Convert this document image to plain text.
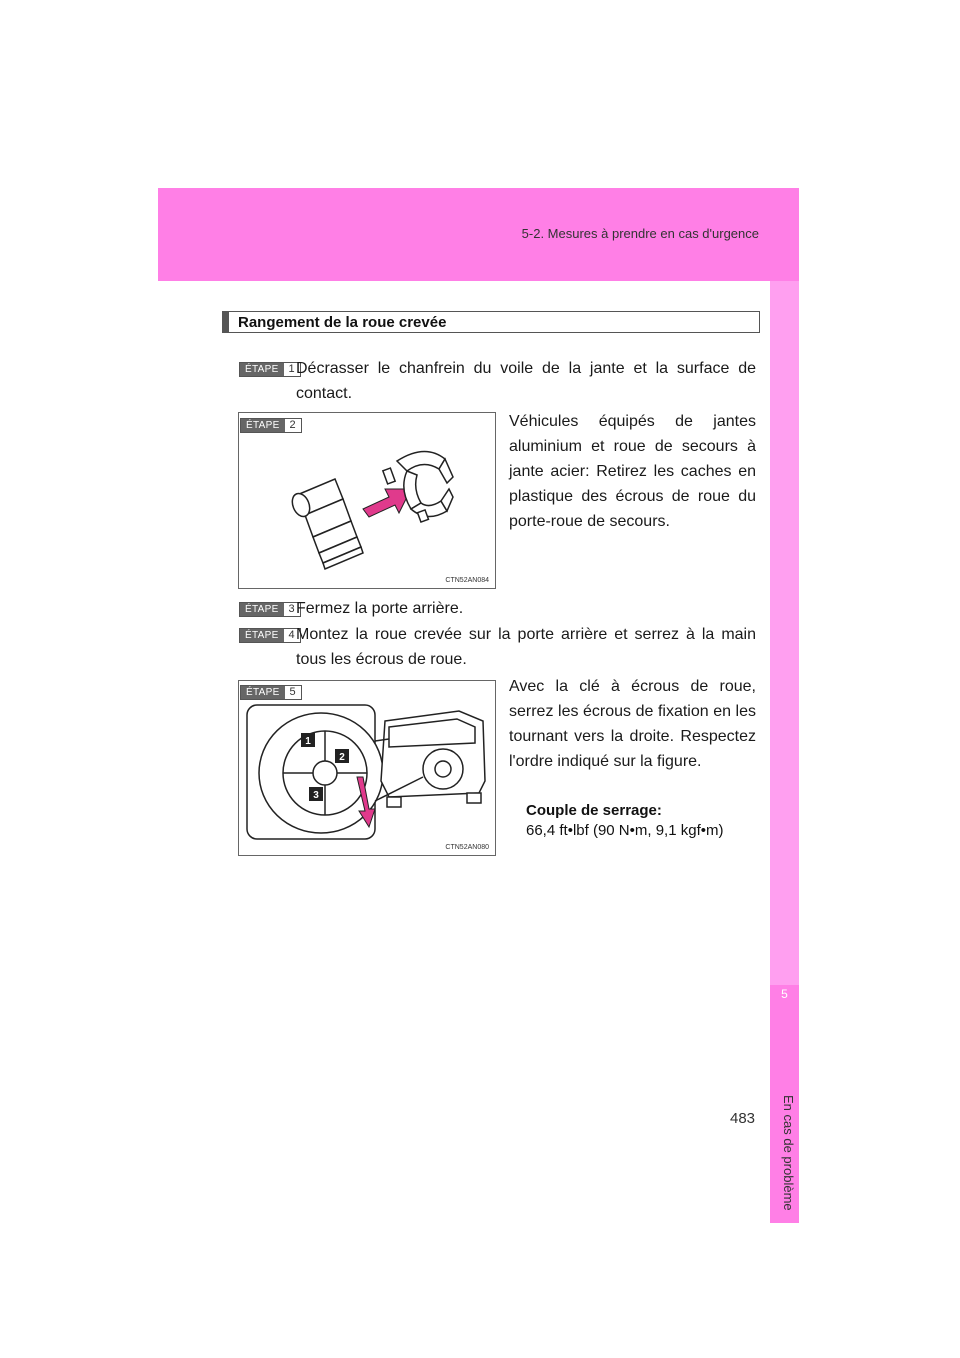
5-2. Mesures à prendre en cas d'urgence
5
En cas de problème
Rangement de la roue crevée
ÉTAPE 1 Décrasser le chanfrein du voile de la jante et la surface de contact.
ÉTAPE 2
CTN52AN084
Véhicules équipés de jantes aluminium et roue de secours à jante acier: Retirez les caches en plastique des écrous de roue du porte-roue de secours.
ÉTAPE 3 Fermez la porte arrière.
ÉTAPE 4 Montez la roue crevée sur la porte arrière et serrez à la main tous les écrous de roue.
ÉTAPE 5
1
2
3
CTN52AN080
Avec la clé à écrous de roue, serrez les écrous de fixation en les tournant vers la droite. Respectez l'ordre indiqué sur la figure.
Couple de serrage:
66,4 ft•lbf (90 N•m, 9,1 kgf•m)
483
